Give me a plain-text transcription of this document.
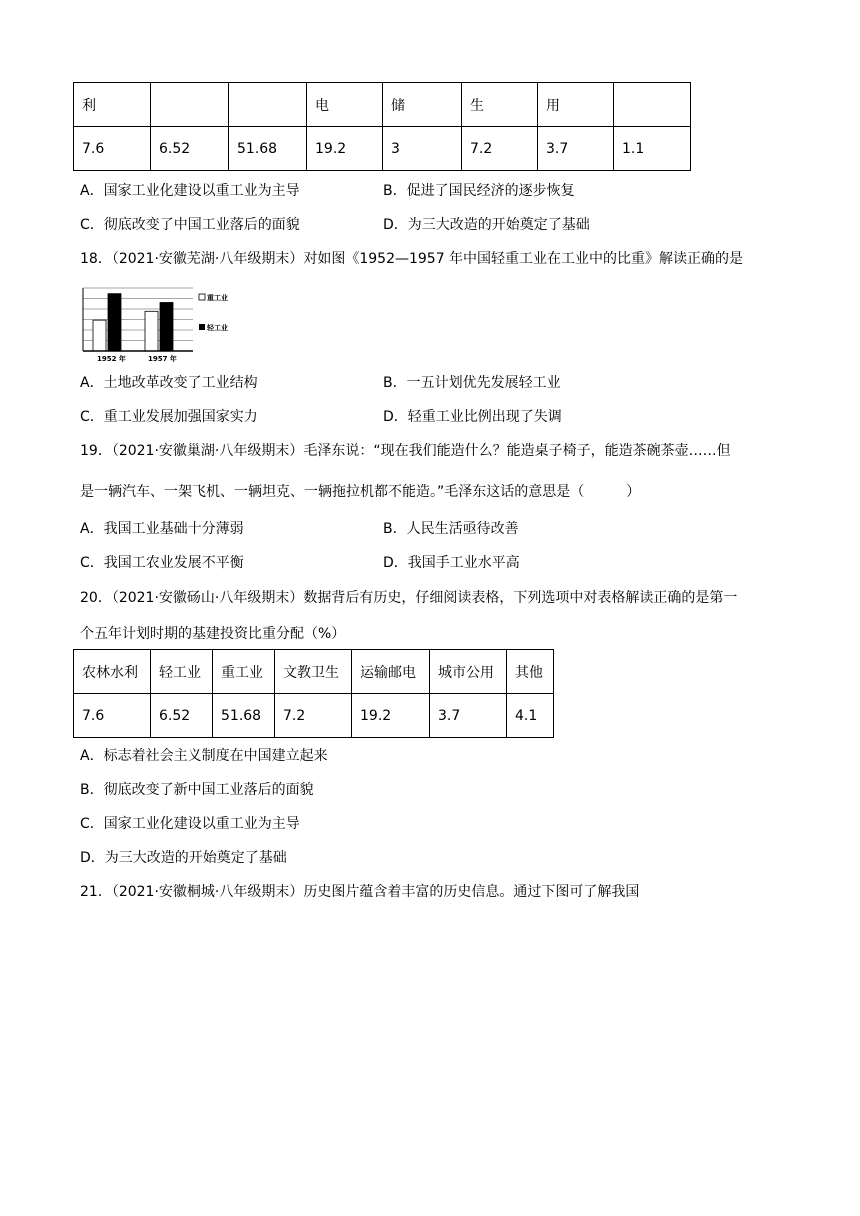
利			电	储	生	用	
7.6	6.52	51.68	19.2	3	7.2	3.7	1.1
A．国家工业化建设以重工业为主导	B．促进了国民经济的逐步恢复
C．彻底改变了中国工业落后的面貌	D．为三大改造的开始奠定了基础
18．（2021·安徽芜湖·八年级期末）对如图《1952—1957 年中国轻重工业在工业中的比重》解读正确的是
1952 年	1957 年
重工业
轻工业
A．土地改革改变了工业结构	B．一五计划优先发展轻工业
C．重工业发展加强国家实力	D．轻重工业比例出现了失调
19．（2021·安徽巢湖·八年级期末）毛泽东说：“现在我们能造什么？能造桌子椅子，能造茶碗茶壶……但
是一辆汽车、一架飞机、一辆坦克、一辆拖拉机都不能造。”毛泽东这话的意思是（　　　）
A．我国工业基础十分薄弱	B．人民生活亟待改善
C．我国工农业发展不平衡	D．我国手工业水平高
20．（2021·安徽砀山·八年级期末）数据背后有历史，仔细阅读表格，下列选项中对表格解读正确的是第一
个五年计划时期的基建投资比重分配（%）
农林水利	轻工业	重工业	文教卫生	运输邮电	城市公用	其他
7.6	6.52	51.68	7.2	19.2	3.7	4.1
A．标志着社会主义制度在中国建立起来
B．彻底改变了新中国工业落后的面貌
C．国家工业化建设以重工业为主导
D．为三大改造的开始奠定了基础
21．（2021·安徽桐城·八年级期末）历史图片蕴含着丰富的历史信息。通过下图可了解我国
